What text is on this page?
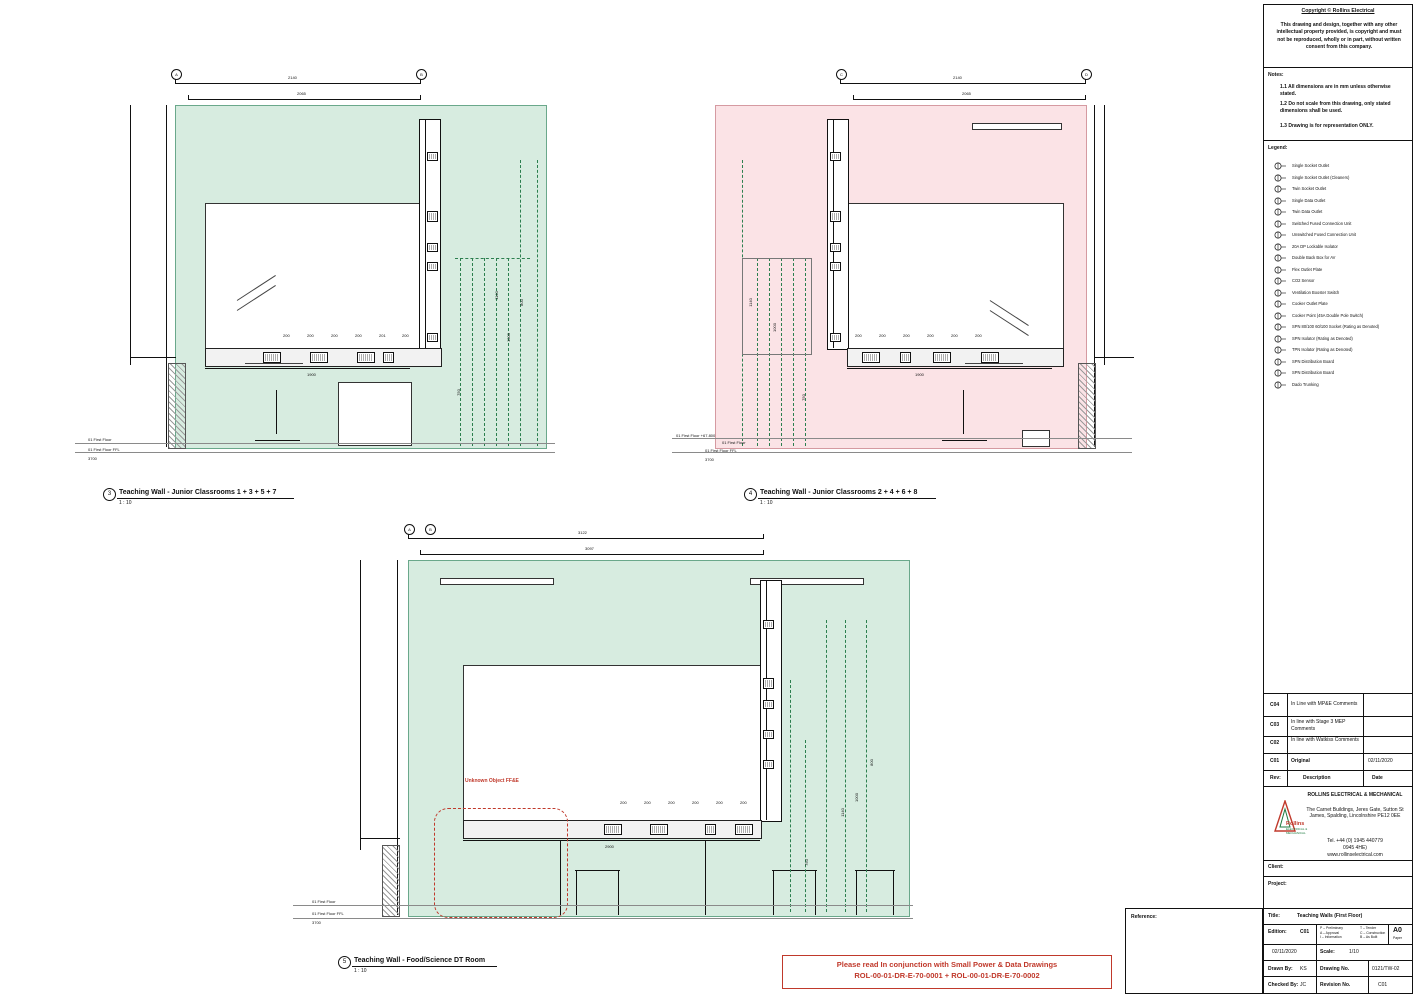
2140
2065
A	B
200	200	200	200	201	200
1900
1140
1000
750
800
01 First Floor
01 First Floor FFL
3700
3	Teaching Wall - Junior Classrooms 1 + 3 + 5 + 7
1 : 10
2140
2065
C	D
200	200	200	200	200	200
1900
1140
1000
750
01 First Floor +67.800
01 First Floor
01 First Floor FFL
3700
4	Teaching Wall - Junior Classrooms 2 + 4 + 6 + 8
1 : 10
3122
3097
A	B
200	200	200	200	200	200
2900
Unknown Object FF&E
1140
1000
750
800
01 First Floor
01 First Floor FFL
3700
5	Teaching Wall - Food/Science DT Room
1 : 10
Please read In conjunction with Small Power & Data Drawings
ROL-00-01-DR-E-70-0001 + ROL-00-01-DR-E-70-0002
Copyright © Rollins Electrical
This drawing and design, together with any other intellectual property provided, is copyright and must not be reproduced, wholly or in part, without written consent from this company.
Notes:
1.1 All dimensions are in mm unless otherwise stated.
1.2 Do not scale from this drawing, only stated dimensions shall be used.
1.3 Drawing is for representation ONLY.
Legend:
Single Socket Outlet
Single Socket Outlet (Cleaners)
Twin Socket Outlet
Single Data Outlet
Twin Data Outlet
Switched Fused Connection Unit
Unswitched Fused Connection Unit
20A DP Lockable Isolator
Double Back Box for AV
Flex Outlet Plate
CO2 Sensor
Ventilation Booster Switch
Cooker Outlet Plate
Cooker Point (45A Double Pole Switch)
SPN 80/100 60/100 Socket (Rating as Denoted)
SPN Isolator (Rating as Denoted)
TPN Isolator (Rating as Denoted)
SPN Distribution Board
SPN Distribution Board
Dado Trunking
C04 In Line with MP&E Comments
C03 In line with Stage 3 MEP Comments
C02 In line with Watkiss Comments
C01 Original	02/11/2020
Rev:	Description	Date
ROLLINS ELECTRICAL & MECHANICAL
The Carnet Buildings, Jeres Gate, Sutton St James, Spalding, Lincolnshire PE12 0EE
Tel. +44 (0) 1945 440779
0945 4HE)
www.rollinselectrical.com
Rollins
ELECTRICAL & MECHANICAL
Client:
Project:
Reference:	Title:	Teaching Walls (First Floor)
Edition:	C01
P – Preliminary
A – Approval
I – Information
T – Tender
C – Construction
B – As Built
A0
Paper
02/11/2020	Scale:	1/10
Drawn By: KS	Drawing No.	0121/TW-02
Checked By: JC	Revision No.	C01
